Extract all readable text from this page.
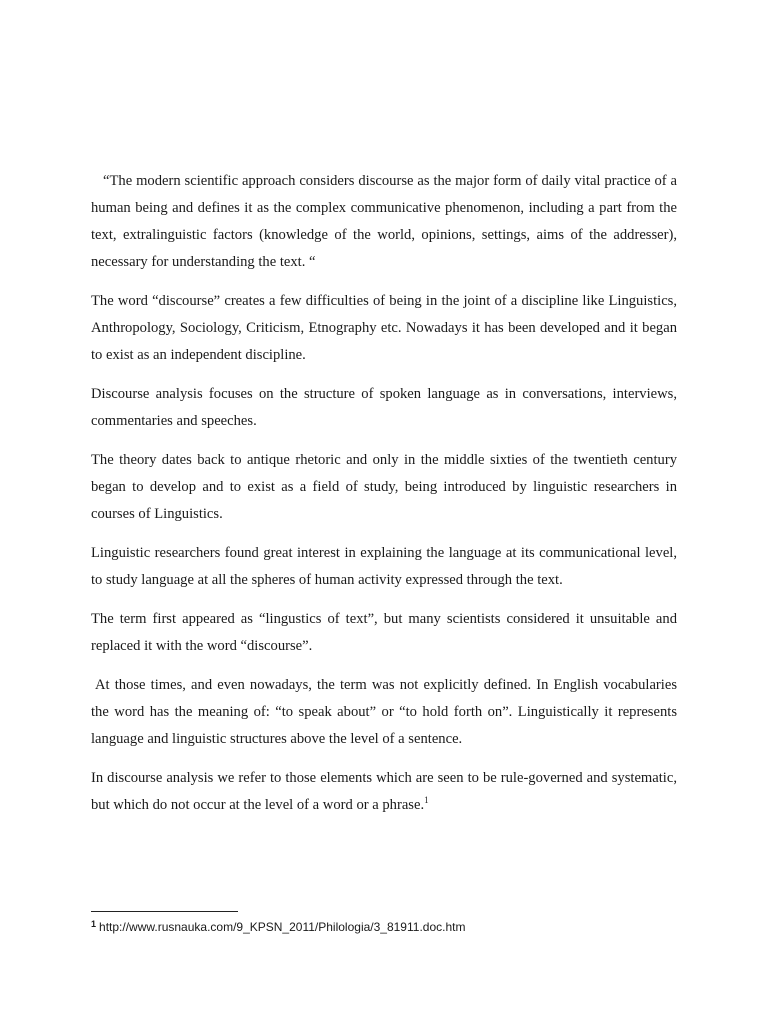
“The modern scientific approach considers discourse as the major form of daily vital practice of a human being and defines it as the complex communicative phenomenon, including a part from the text, extralinguistic factors (knowledge of the world, opinions, settings, aims of the addresser), necessary for understanding the text. “

The word “discourse” creates a few difficulties of being in the joint of a discipline like Linguistics, Anthropology, Sociology, Criticism, Etnography etc. Nowadays it has been developed and it began to exist as an independent discipline.

Discourse analysis focuses on the structure of spoken language as in conversations, interviews, commentaries and speeches.

The theory dates back to antique rhetoric and only in the middle sixties of the twentieth century began to develop and to exist as a field of study, being introduced by linguistic researchers in courses of Linguistics.

Linguistic researchers found great interest in explaining the language at its communicational level, to study language at all the spheres of human activity expressed through the text.

The term first appeared as “lingustics of text”, but many scientists considered it unsuitable and replaced it with the word “discourse”.

At those times, and even nowadays, the term was not explicitly defined. In English vocabularies the word has the meaning of: “to speak about” or “to hold forth on”. Linguistically it represents language and linguistic structures above the level of a sentence.

In discourse analysis we refer to those elements which are seen to be rule-governed and systematic, but which do not occur at the level of a word or a phrase.$^1$

$^1$ http://www.rusnauka.com/9_KPSN_2011/Philologia/3_81911.doc.htm
